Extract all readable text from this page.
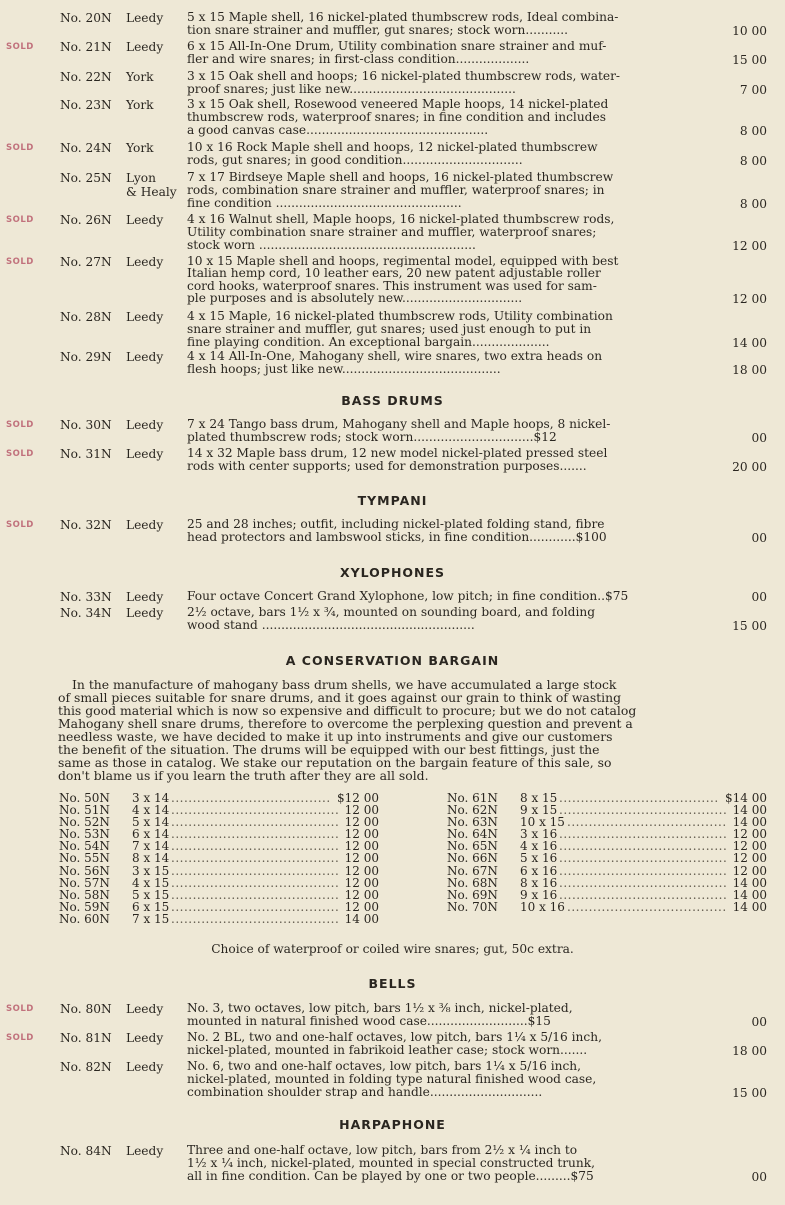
No. 20N Leedy	5 x 15 Maple shell, 16 nickel-plated thumbscrew rods, Ideal combina-
tion snare strainer and muffler, gut snares; stock worn...........	10 00
SOLD No. 21N Leedy	6 x 15 All-In-One Drum, Utility combination snare strainer and muf-
fler and wire snares; in first-class condition...................	15 00
No. 22N York	3 x 15 Oak shell and hoops; 16 nickel-plated thumbscrew rods, water-
proof snares; just like new...........................................	7 00
No. 23N York	3 x 15 Oak shell, Rosewood veneered Maple hoops, 14 nickel-plated
thumbscrew rods, waterproof snares; in fine condition and includes
a good canvas case...............................................	8 00
SOLD No. 24N York	10 x 16 Rock Maple shell and hoops, 12 nickel-plated thumbscrew
rods, gut snares; in good condition...............................	8 00
No. 25N Lyon
& Healy
7 x 17 Birdseye Maple shell and hoops, 16 nickel-plated thumbscrew
rods, combination snare strainer and muffler, waterproof snares; in
fine condition ................................................	8 00
SOLD No. 26N Leedy	4 x 16 Walnut shell, Maple hoops, 16 nickel-plated thumbscrew rods,
Utility combination snare strainer and muffler, waterproof snares;
stock worn ........................................................	12 00
SOLD No. 27N Leedy	10 x 15 Maple shell and hoops, regimental model, equipped with best
Italian hemp cord, 10 leather ears, 20 new patent adjustable roller
cord hooks, waterproof snares. This instrument was used for sam-
ple purposes and is absolutely new...............................	12 00
No. 28N Leedy	4 x 15 Maple, 16 nickel-plated thumbscrew rods, Utility combination
snare strainer and muffler, gut snares; used just enough to put in
fine playing condition. An exceptional bargain....................	14 00
No. 29N Leedy	4 x 14 All-In-One, Mahogany shell, wire snares, two extra heads on
flesh hoops; just like new.........................................	18 00
BASS DRUMS
SOLD No. 30N Leedy	7 x 24 Tango bass drum, Mahogany shell and Maple hoops, 8 nickel-
plated thumbscrew rods; stock worn...............................$12	00
SOLD No. 31N Leedy	14 x 32 Maple bass drum, 12 new model nickel-plated pressed steel
rods with center supports; used for demonstration purposes.......	20 00
TYMPANI
SOLD No. 32N Leedy	25 and 28 inches; outfit, including nickel-plated folding stand, fibre
head protectors and lambswool sticks, in fine condition............$100	00
XYLOPHONES
No. 33N Leedy	Four octave Concert Grand Xylophone, low pitch; in fine condition..$75	00
No. 34N Leedy	2½ octave, bars 1½ x ¾, mounted on sounding board, and folding
wood stand .......................................................	15 00
A CONSERVATION BARGAIN
In the manufacture of mahogany bass drum shells, we have accumulated a large stock
of small pieces suitable for snare drums, and it goes against our grain to think of wasting
this good material which is now so expensive and difficult to procure; but we do not catalog
Mahogany shell snare drums, therefore to overcome the perplexing question and prevent a
needless waste, we have decided to make it up into instruments and give our customers
the benefit of the situation. The drums will be equipped with our best fittings, just the
same as those in catalog. We stake our reputation on the bargain feature of this sale, so
don't blame us if you learn the truth after they are all sold.
No. 50N 3 x 14 ..................................... $12 00
No. 51N 4 x 14 ....................................... 12 00
No. 52N 5 x 14 ....................................... 12 00
No. 53N 6 x 14 ....................................... 12 00
No. 54N 7 x 14 ....................................... 12 00
No. 55N 8 x 14 ....................................... 12 00
No. 56N 3 x 15 ....................................... 12 00
No. 57N 4 x 15 ....................................... 12 00
No. 58N 5 x 15 ....................................... 12 00
No. 59N 6 x 15 ....................................... 12 00
No. 60N 7 x 15 ....................................... 14 00
No. 61N 8 x 15 ..................................... $14 00
No. 62N 9 x 15 ....................................... 14 00
No. 63N 10 x 15 ..................................... 14 00
No. 64N 3 x 16 ....................................... 12 00
No. 65N 4 x 16 ....................................... 12 00
No. 66N 5 x 16 ....................................... 12 00
No. 67N 6 x 16 ....................................... 12 00
No. 68N 8 x 16 ....................................... 14 00
No. 69N 9 x 16 ....................................... 14 00
No. 70N 10 x 16 ..................................... 14 00
Choice of waterproof or coiled wire snares; gut, 50c extra.
BELLS
SOLD No. 80N Leedy	No. 3, two octaves, low pitch, bars 1½ x ⅜ inch, nickel-plated,
mounted in natural finished wood case..........................$15	00
SOLD No. 81N Leedy	No. 2 BL, two and one-half octaves, low pitch, bars 1¼ x 5/16 inch,
nickel-plated, mounted in fabrikoid leather case; stock worn.......	18 00
No. 82N Leedy	No. 6, two and one-half octaves, low pitch, bars 1¼ x 5/16 inch,
nickel-plated, mounted in folding type natural finished wood case,
combination shoulder strap and handle.............................	15 00
HARPAPHONE
No. 84N Leedy	Three and one-half octave, low pitch, bars from 2½ x ¼ inch to
1½ x ¼ inch, nickel-plated, mounted in special constructed trunk,
all in fine condition. Can be played by one or two people.........$75	00
